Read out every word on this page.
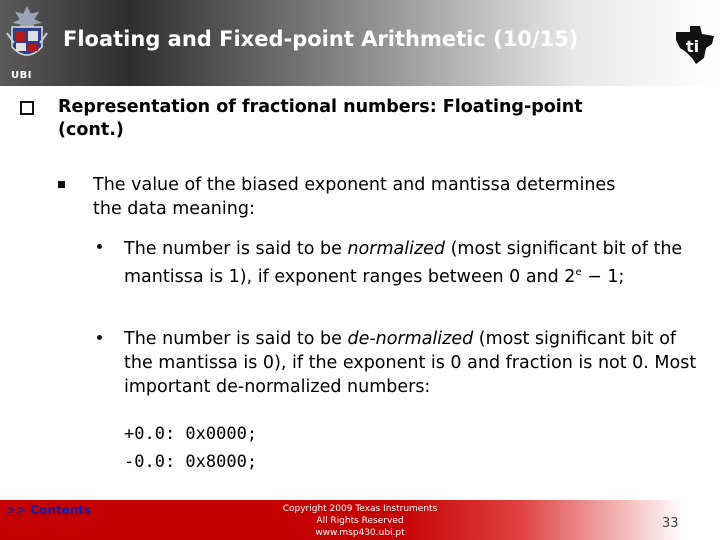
UBI
Floating and Fixed-point Arithmetic (10/15)	ti
Representation of fractional numbers: Floating-point
(cont.)
The value of the biased exponent and mantissa determines
the data meaning:
The number is said to be normalized (most significant bit of the mantissa is 1), if exponent ranges between 0 and $2^e - 1$;
The number is said to be de-normalized (most significant bit of the mantissa is 0), if the exponent is 0 and fraction is not 0. Most important de-normalized numbers:
+0.0: 0x0000;
-0.0: 0x8000;
>> Contents	Copyright 2009 Texas Instruments
All Rights Reserved
www.msp430.ubi.pt
33
